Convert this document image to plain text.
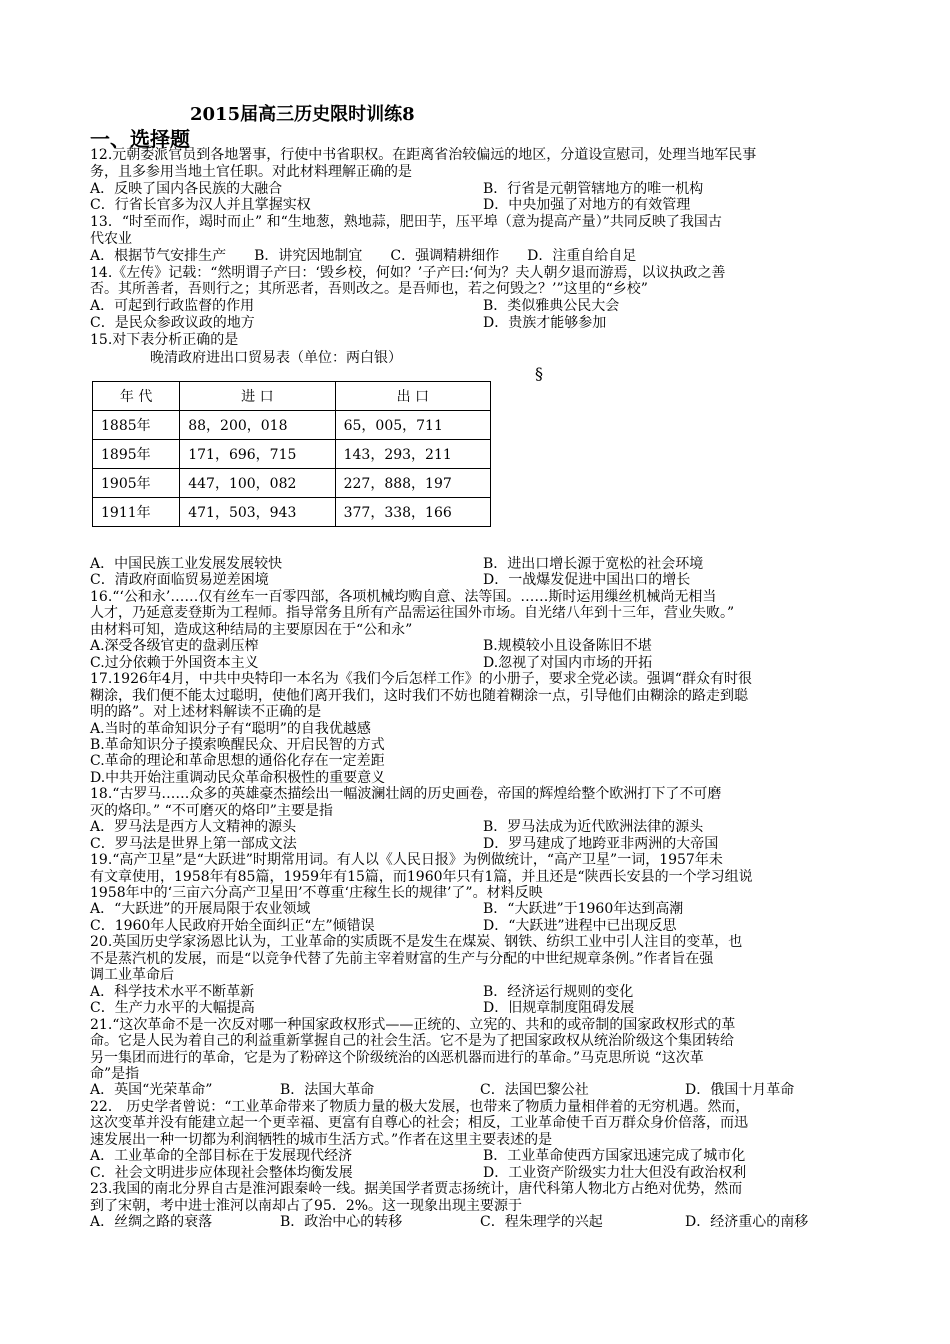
2015届高三历史限时训练8
一、选择题
12.元朝委派官员到各地署事，行使中书省职权。在距离省治较偏远的地区，分道设宣慰司，处理当地军民事
务，且多参用当地土官任职。对此材料理解正确的是
A．反映了国内各民族的大融合	B．行省是元朝管辖地方的唯一机构
C．行省长官多为汉人并且掌握实权	D．中央加强了对地方的有效管理
13．“时至而作，竭时而止” 和“生地葱，熟地蒜，肥田芋，压平埠（意为提高产量）”共同反映了我国古
代农业
A．根据节气安排生产　　B．讲究因地制宜　　C．强调精耕细作　　D．注重自给自足
14.《左传》记载：“然明谓子产曰：‘毁乡校，何如？’子产曰:‘何为？夫人朝夕退而游焉，以议执政之善
否。其所善者，吾则行之；其所恶者，吾则改之。是吾师也，若之何毁之？’”这里的“乡校”
A．可起到行政监督的作用	B．类似雅典公民大会
C．是民众参政议政的地方	D．贵族才能够参加
15.对下表分析正确的是
晚清政府进出口贸易表（单位：两白银）
§
年 代	进 口	出 口
1885年	88，200，018	65，005，711
1895年	171，696，715	143，293，211
1905年	447，100，082	227，888，197
1911年	471，503，943	377，338，166
A．中国民族工业发展发展较快	B．进出口增长源于宽松的社会环境
C．清政府面临贸易逆差困境	D．一战爆发促进中国出口的增长
16.“‘公和永’……仅有丝车一百零四部，各项机械均购自意、法等国。……斯时运用缫丝机械尚无相当
人才，乃延意麦登斯为工程师。指导常务且所有产品需运往国外市场。自光绪八年到十三年，营业失败。”
由材料可知，造成这种结局的主要原因在于“公和永”
A.深受各级官吏的盘剥压榨	B.规模较小且设备陈旧不堪
C.过分依赖于外国资本主义	D.忽视了对国内市场的开拓
17.1926年4月，中共中央特印一本名为《我们今后怎样工作》的小册子，要求全党必读。强调“群众有时很
糊涂，我们便不能太过聪明，使他们离开我们，这时我们不妨也随着糊涂一点，引导他们由糊涂的路走到聪
明的路”。对上述材料解读不正确的是
A.当时的革命知识分子有“聪明”的自我优越感
B.革命知识分子摸索唤醒民众、开启民智的方式
C.革命的理论和革命思想的通俗化存在一定差距
D.中共开始注重调动民众革命积极性的重要意义
18.“古罗马……众多的英雄豪杰描绘出一幅波澜壮阔的历史画卷，帝国的辉煌给整个欧洲打下了不可磨
灭的烙印。” “不可磨灭的烙印”主要是指
A．罗马法是西方人文精神的源头	B．罗马法成为近代欧洲法律的源头
C．罗马法是世界上第一部成文法	D．罗马建成了地跨亚非两洲的大帝国
19.“高产卫星”是“大跃进”时期常用词。有人以《人民日报》为例做统计，“高产卫星”一词，1957年未
有文章使用，1958年有85篇，1959年有15篇，而1960年只有1篇，并且还是“陕西长安县的一个学习组说
1958年中的‘三亩六分高产卫星田’不尊重‘庄稼生长的规律’了”。材料反映
A．“大跃进”的开展局限于农业领域	B．“大跃进”于1960年达到高潮
C．1960年人民政府开始全面纠正“左”倾错误	D．“大跃进”进程中已出现反思
20.英国历史学家汤恩比认为，工业革命的实质既不是发生在煤炭、钢铁、纺织工业中引人注目的变革，也
不是蒸汽机的发展，而是“以竞争代替了先前主宰着财富的生产与分配的中世纪规章条例。”作者旨在强
调工业革命后
A．科学技术水平不断革新	B．经济运行规则的变化
C．生产力水平的大幅提高	D．旧规章制度阻碍发展
21.“这次革命不是一次反对哪一种国家政权形式——正统的、立宪的、共和的或帝制的国家政权形式的革
命。它是人民为着自己的利益重新掌握自己的社会生活。它不是为了把国家政权从统治阶级这个集团转给
另一集团而进行的革命，它是为了粉碎这个阶级统治的凶恶机器而进行的革命。”马克思所说 “这次革
命”是指
A．英国“光荣革命”	B．法国大革命	C．法国巴黎公社	D．俄国十月革命
22． 历史学者曾说：“工业革命带来了物质力量的极大发展，也带来了物质力量相伴着的无穷机遇。然而，
这次变革并没有能建立起一个更幸福、更富有自尊心的社会；相反，工业革命使千百万群众身价倍落，而迅
速发展出一种一切都为利润牺牲的城市生活方式。”作者在这里主要表述的是
A．工业革命的全部目标在于发展现代经济	B．工业革命使西方国家迅速完成了城市化
C．社会文明进步应体现社会整体均衡发展	D．工业资产阶级实力壮大但没有政治权利
23.我国的南北分界自古是淮河跟秦岭一线。据美国学者贾志扬统计，唐代科第人物北方占绝对优势，然而
到了宋朝，考中进士淮河以南却占了95．2%。这一现象出现主要源于
A．丝绸之路的衰落	B．政治中心的转移	C．程朱理学的兴起	D．经济重心的南移
